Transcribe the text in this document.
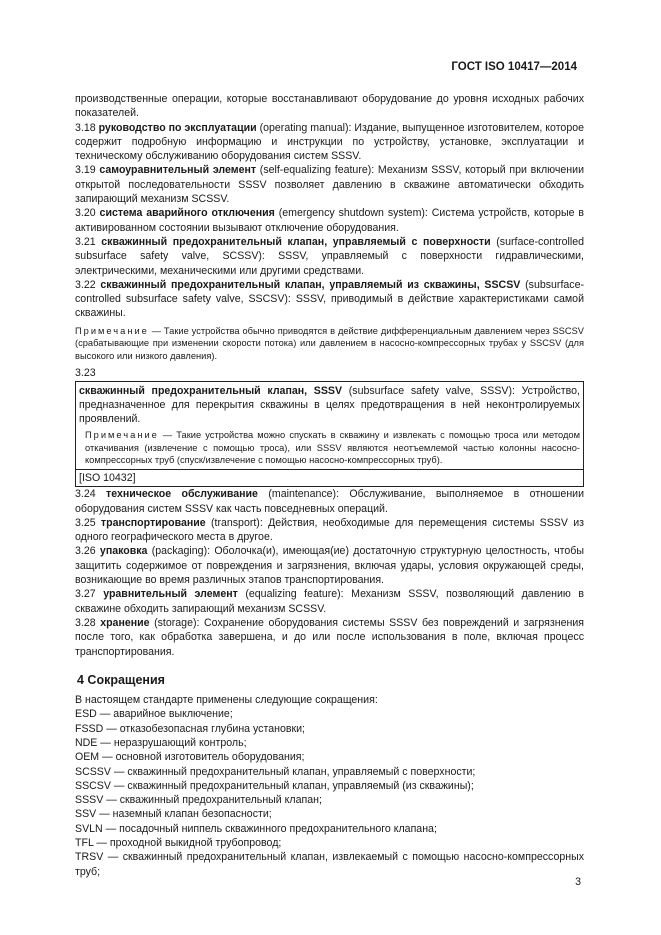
ГОСТ ISO 10417—2014

производственные операции, которые восстанавливают оборудование до уровня исходных рабочих показателей.

3.18 руководство по эксплуатации (operating manual): Издание, выпущенное изготовителем, которое содержит подробную информацию и инструкции по устройству, установке, эксплуатации и техническому обслуживанию оборудования систем SSSV.

3.19 самоуравнительный элемент (self-equalizing feature): Механизм SSSV, который при включении открытой последовательности SSSV позволяет давлению в скважине автоматически обходить запирающий механизм SCSSV.

3.20 система аварийного отключения (emergency shutdown system): Система устройств, которые в активированном состоянии вызывают отключение оборудования.

3.21 скважинный предохранительный клапан, управляемый с поверхности (surface-controlled subsurface safety valve, SCSSV): SSSV, управляемый с поверхности гидравлическими, электрическими, механическими или другими средствами.

3.22 скважинный предохранительный клапан, управляемый из скважины, SSCSV (subsurface-controlled subsurface safety valve, SSCSV): SSSV, приводимый в действие характеристиками самой скважины.

Примечание — Такие устройства обычно приводятся в действие дифференциальным давлением через SSCSV (срабатывающие при изменении скорости потока) или давлением в насосно-компрессорных трубах у SSCSV (для высокого или низкого давления).

3.23

скважинный предохранительный клапан, SSSV (subsurface safety valve, SSSV): Устройство, предназначенное для перекрытия скважины в целях предотвращения в ней неконтролируемых проявлений.

Примечание — Такие устройства можно спускать в скважину и извлекать с помощью троса или методом откачивания (извлечение с помощью троса), или SSSV являются неотъемлемой частью колонны насосно-компрессорных труб (спуск/извлечение с помощью насосно-компрессорных труб).

[ISO 10432]

3.24 техническое обслуживание (maintenance): Обслуживание, выполняемое в отношении оборудования систем SSSV как часть повседневных операций.

3.25 транспортирование (transport): Действия, необходимые для перемещения системы SSSV из одного географического места в другое.

3.26 упаковка (packaging): Оболочка(и), имеющая(ие) достаточную структурную целостность, чтобы защитить содержимое от повреждения и загрязнения, включая удары, условия окружающей среды, возникающие во время различных этапов транспортирования.

3.27 уравнительный элемент (equalizing feature): Механизм SSSV, позволяющий давлению в скважине обходить запирающий механизм SCSSV.

3.28 хранение (storage): Сохранение оборудования системы SSSV без повреждений и загрязнения после того, как обработка завершена, и до или после использования в поле, включая процесс транспортирования.

4 Сокращения

В настоящем стандарте применены следующие сокращения:

ESD — аварийное выключение;

FSSD — отказобезопасная глубина установки;

NDE — неразрушающий контроль;

OEM — основной изготовитель оборудования;

SCSSV — скважинный предохранительный клапан, управляемый с поверхности;

SSCSV — скважинный предохранительный клапан, управляемый (из скважины);

SSSV — скважинный предохранительный клапан;

SSV — наземный клапан безопасности;

SVLN — посадочный ниппель скважинного предохранительного клапана;

TFL — проходной выкидной трубопровод;

TRSV — скважинный предохранительный клапан, извлекаемый с помощью насосно-компрессорных труб;

3
